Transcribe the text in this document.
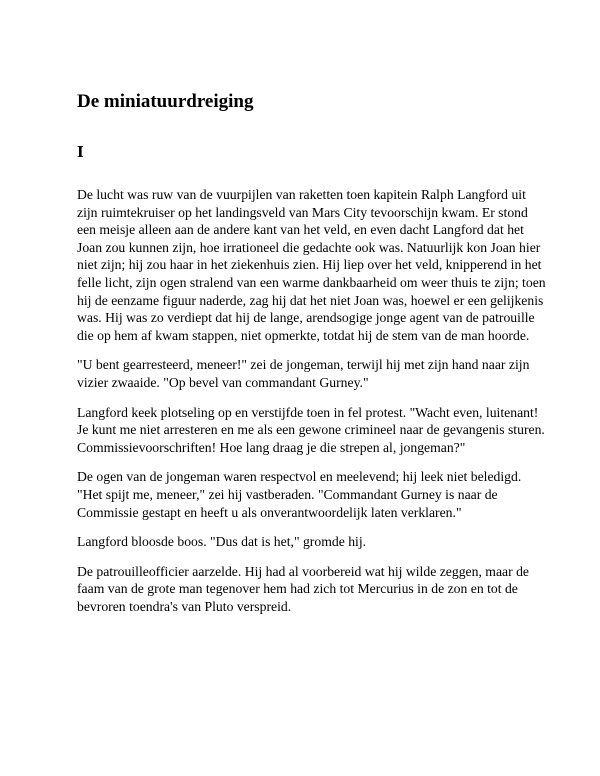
De miniatuurdreiging
I

De lucht was ruw van de vuurpijlen van raketten toen kapitein Ralph Langford uit zijn ruimtekruiser op het landingsveld van Mars City tevoorschijn kwam. Er stond een meisje alleen aan de andere kant van het veld, en even dacht Langford dat het Joan zou kunnen zijn, hoe irrationeel die gedachte ook was. Natuurlijk kon Joan hier niet zijn; hij zou haar in het ziekenhuis zien. Hij liep over het veld, knipperend in het felle licht, zijn ogen stralend van een warme dankbaarheid om weer thuis te zijn; toen hij de eenzame figuur naderde, zag hij dat het niet Joan was, hoewel er een gelijkenis was. Hij was zo verdiept dat hij de lange, arendsogige jonge agent van de patrouille die op hem af kwam stappen, niet opmerkte, totdat hij de stem van de man hoorde.

"U bent gearresteerd, meneer!" zei de jongeman, terwijl hij met zijn hand naar zijn vizier zwaaide. "Op bevel van commandant Gurney."

Langford keek plotseling op en verstijfde toen in fel protest. "Wacht even, luitenant! Je kunt me niet arresteren en me als een gewone crimineel naar de gevangenis sturen. Commissievoorschriften! Hoe lang draag je die strepen al, jongeman?"

De ogen van de jongeman waren respectvol en meelevend; hij leek niet beledigd. "Het spijt me, meneer," zei hij vastberaden. "Commandant Gurney is naar de Commissie gestapt en heeft u als onverantwoordelijk laten verklaren."

Langford bloosde boos. "Dus dat is het," gromde hij.

De patrouilleofficier aarzelde. Hij had al voorbereid wat hij wilde zeggen, maar de faam van de grote man tegenover hem had zich tot Mercurius in de zon en tot de bevroren toendra's van Pluto verspreid.
